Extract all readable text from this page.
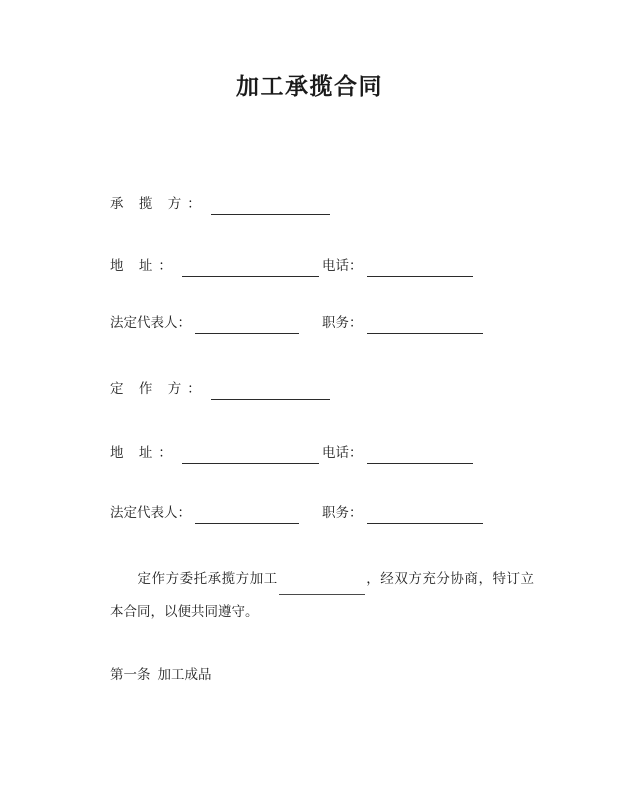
加工承揽合同
承 揽 方：
地 址：	电话：
法定代表人：	职务：
定 作 方：
地 址：	电话：
法定代表人：	职务：
定作方委托承揽方加工	，经双方充分协商，特订立本合同，以便共同遵守。
第一条 加工成品
